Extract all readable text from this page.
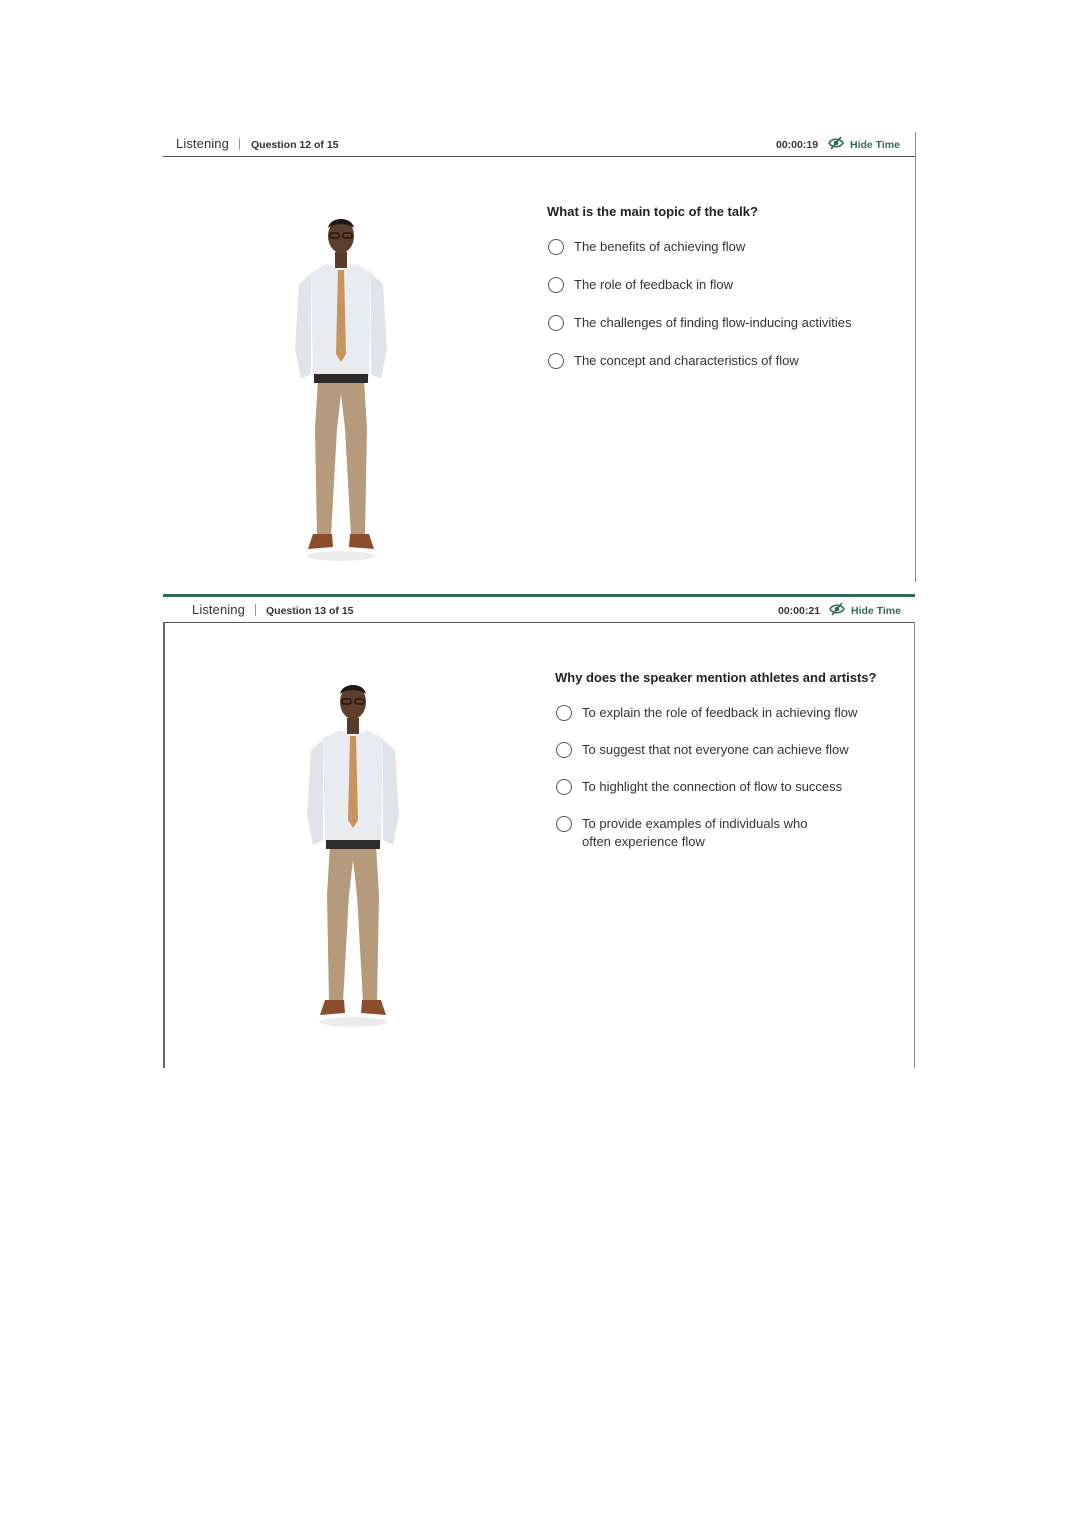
Listening Question 12 of 15	00:00:19	Hide Time
What is the main topic of the talk?
The benefits of achieving flow
The role of feedback in flow
The challenges of finding flow-inducing activities
The concept and characteristics of flow
Listening Question 13 of 15	00:00:21	Hide Time
Why does the speaker mention athletes and artists?
To explain the role of feedback in achieving flow
To suggest that not everyone can achieve flow
To highlight the connection of flow to success
To provide examples of individuals who often experience flow
